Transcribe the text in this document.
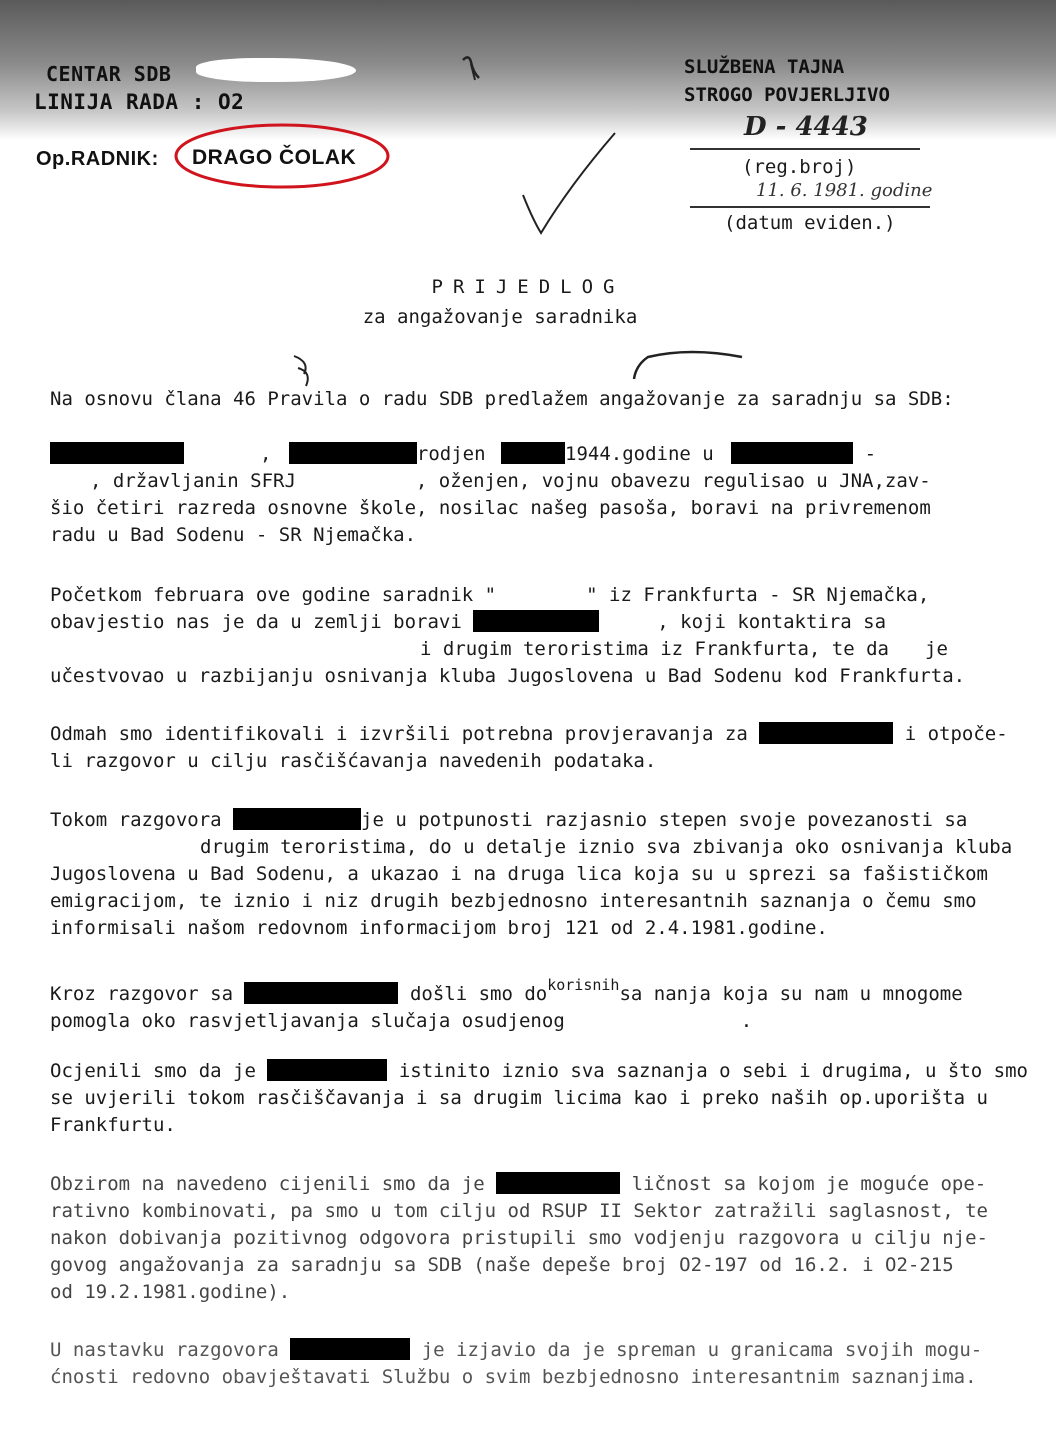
CENTAR SDB
LINIJA RADA : O2
Op.RADNIK: DRAGO ČOLAK
SLUŽBENA TAJNA
STROGO POVJERLJIVO
D - 4443
(reg.broj)
11. 6. 1981. godine
(datum eviden.)
PRIJEDLOG
za angažovanje saradnika

Na osnovu člana 46 Pravila o radu SDB predlažem angažovanje za saradnju sa SDB:

,	rodjen	1944.godine u	-

, državljanin SFRJ	, oženjen, vojnu obavezu regulisao u JNA,zav-

šio četiri razreda osnovne škole, nosilac našeg pasoša, boravi na privremenom

radu u Bad Sodenu - SR Njemačka.

Početkom februara ove godine saradnik "	" iz Frankfurta - SR Njemačka,

obavjestio nas je da u zemlji boravi	, koji kontaktira sa

i drugim teroristima iz Frankfurta, te da je

učestvovao u razbijanju osnivanja kluba Jugoslovena u Bad Sodenu kod Frankfurta.

Odmah smo identifikovali i izvršili potrebna provjeravanja za	i otpoče-

li razgovor u cilju rasčišćavanja navedenih podataka.

Tokom razgovora	je u potpunosti razjasnio stepen svoje povezanosti sa

drugim teroristima, do u detalje iznio sva zbivanja oko osnivanja kluba

Jugoslovena u Bad Sodenu, a ukazao i na druga lica koja su u sprezi sa fašističkom

emigracijom, te iznio i niz drugih bezbjednosno interesantnih saznanja o čemu smo

informisali našom redovnom informacijom broj 121 od 2.4.1981.godine.

Kroz razgovor sa	došli smo $do^{korisnih}sa$ nanja koja su nam u mnogome

pomogla oko rasvjetljavanja slučaja osudjenog	.

Ocjenili smo da je	istinito iznio sva saznanja o sebi i drugima, u što smo

se uvjerili tokom rasčiščavanja i sa drugim licima kao i preko naših op.uporišta u

Frankfurtu.

Obzirom na navedeno cijenili smo da je	ličnost sa kojom je moguće ope-

rativno kombinovati, pa smo u tom cilju od RSUP II Sektor zatražili saglasnost, te

nakon dobivanja pozitivnog odgovora pristupili smo vodjenju razgovora u cilju nje-

govog angažovanja za saradnju sa SDB (naše depeše broj O2-197 od 16.2. i O2-215

od 19.2.1981.godine).

U nastavku razgovora	je izjavio da je spreman u granicama svojih mogu-

ćnosti redovno obavještavati Službu o svim bezbjednosno interesantnim saznanjima.
